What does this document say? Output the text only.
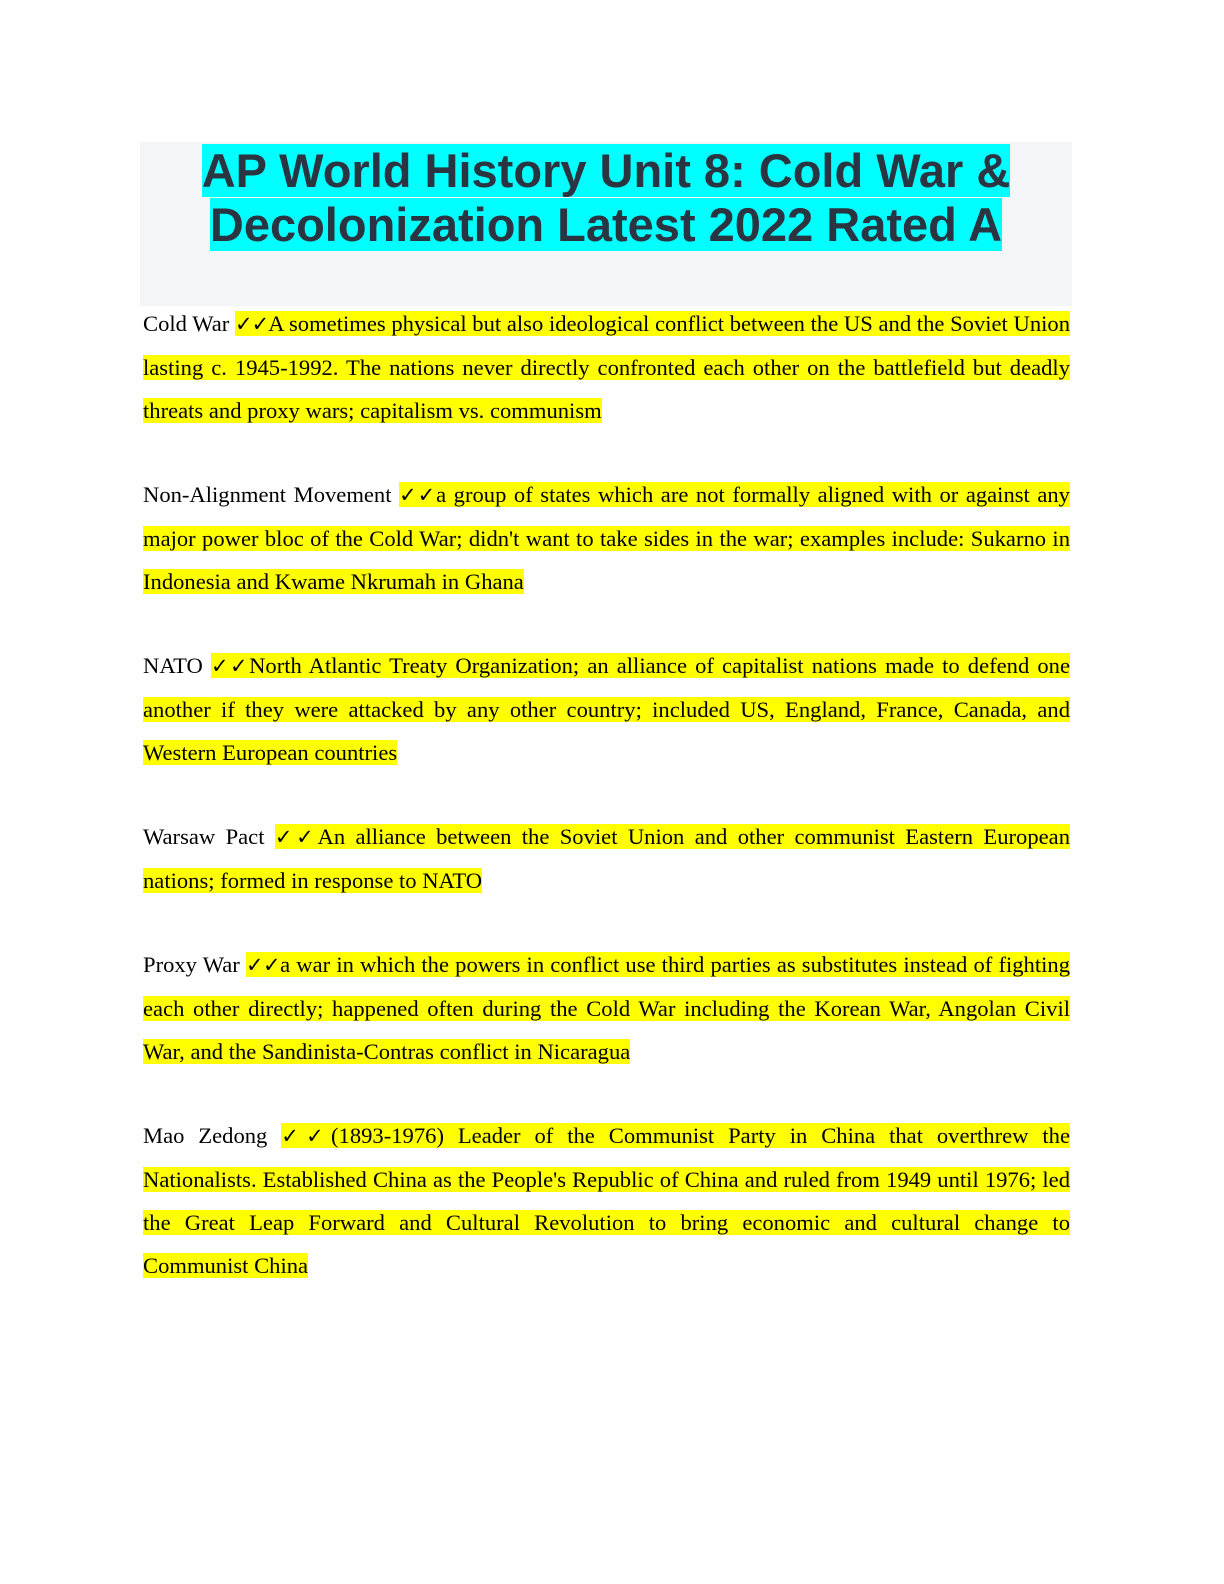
AP World History Unit 8: Cold War &
Decolonization Latest 2022 Rated A

Cold War ✓✓A sometimes physical but also ideological conflict between the US and the Soviet Union lasting c. 1945-1992. The nations never directly confronted each other on the battlefield but deadly threats and proxy wars; capitalism vs. communism

Non-Alignment Movement ✓✓a group of states which are not formally aligned with or against any major power bloc of the Cold War; didn't want to take sides in the war; examples include: Sukarno in Indonesia and Kwame Nkrumah in Ghana

NATO ✓✓North Atlantic Treaty Organization; an alliance of capitalist nations made to defend one another if they were attacked by any other country; included US, England, France, Canada, and Western European countries

Warsaw Pact ✓✓An alliance between the Soviet Union and other communist Eastern European nations; formed in response to NATO

Proxy War ✓✓a war in which the powers in conflict use third parties as substitutes instead of fighting each other directly; happened often during the Cold War including the Korean War, Angolan Civil War, and the Sandinista-Contras conflict in Nicaragua

Mao Zedong ✓✓(1893-1976) Leader of the Communist Party in China that overthrew the Nationalists. Established China as the People's Republic of China and ruled from 1949 until 1976; led the Great Leap Forward and Cultural Revolution to bring economic and cultural change to Communist China
